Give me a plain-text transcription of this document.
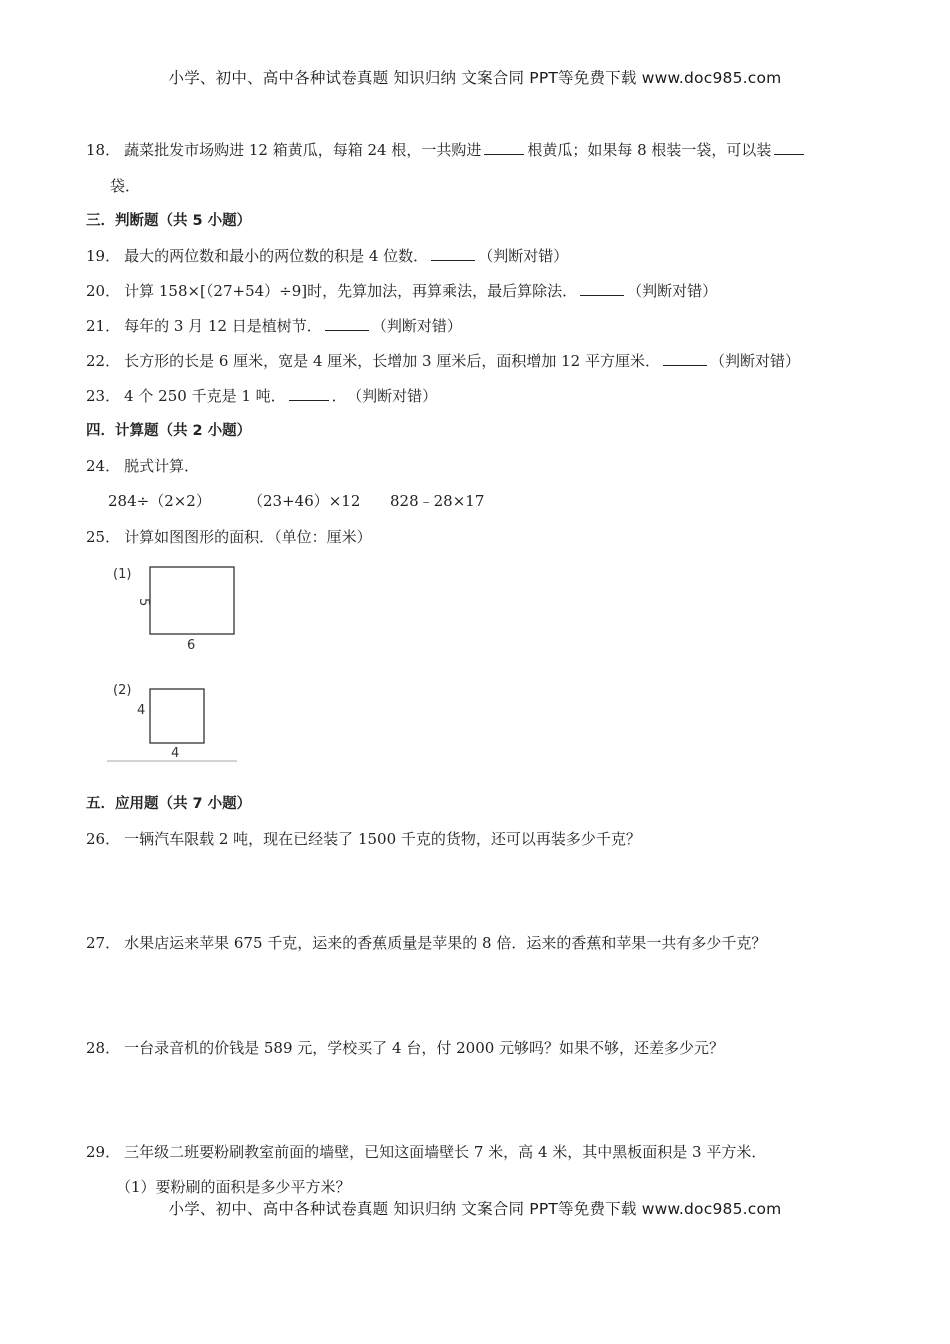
小学、初中、高中各种试卷真题 知识归纳 文案合同 PPT等免费下载 www.doc985.com
18． 蔬菜批发市场购进 12 箱黄瓜，每箱 24 根，一共购进	根黄瓜；如果每 8 根装一袋，可以装
袋．
三．判断题（共 5 小题）
19． 最大的两位数和最小的两位数的积是 4 位数．	（判断对错）
20． 计算 158×[（27+54）÷9]时，先算加法，再算乘法，最后算除法．	（判断对错）
21． 每年的 3 月 12 日是植树节．	（判断对错）
22． 长方形的长是 6 厘米，宽是 4 厘米，长增加 3 厘米后，面积增加 12 平方厘米．	（判断对错）
23． 4 个 250 千克是 1 吨．	． （判断对错）
四．计算题（共 2 小题）
24． 脱式计算．
284÷（2×2） （23+46）×12 828﹣28×17
25． 计算如图图形的面积．（单位：厘米）
(1)
5
6
(2)
4
4
五．应用题（共 7 小题）
26． 一辆汽车限载 2 吨，现在已经装了 1500 千克的货物，还可以再装多少千克？
27． 水果店运来苹果 675 千克，运来的香蕉质量是苹果的 8 倍．运来的香蕉和苹果一共有多少千克？
28． 一台录音机的价钱是 589 元，学校买了 4 台，付 2000 元够吗？如果不够，还差多少元？
29． 三年级二班要粉刷教室前面的墙壁，已知这面墙壁长 7 米，高 4 米，其中黑板面积是 3 平方米．
（1）要粉刷的面积是多少平方米？
小学、初中、高中各种试卷真题 知识归纳 文案合同 PPT等免费下载 www.doc985.com
